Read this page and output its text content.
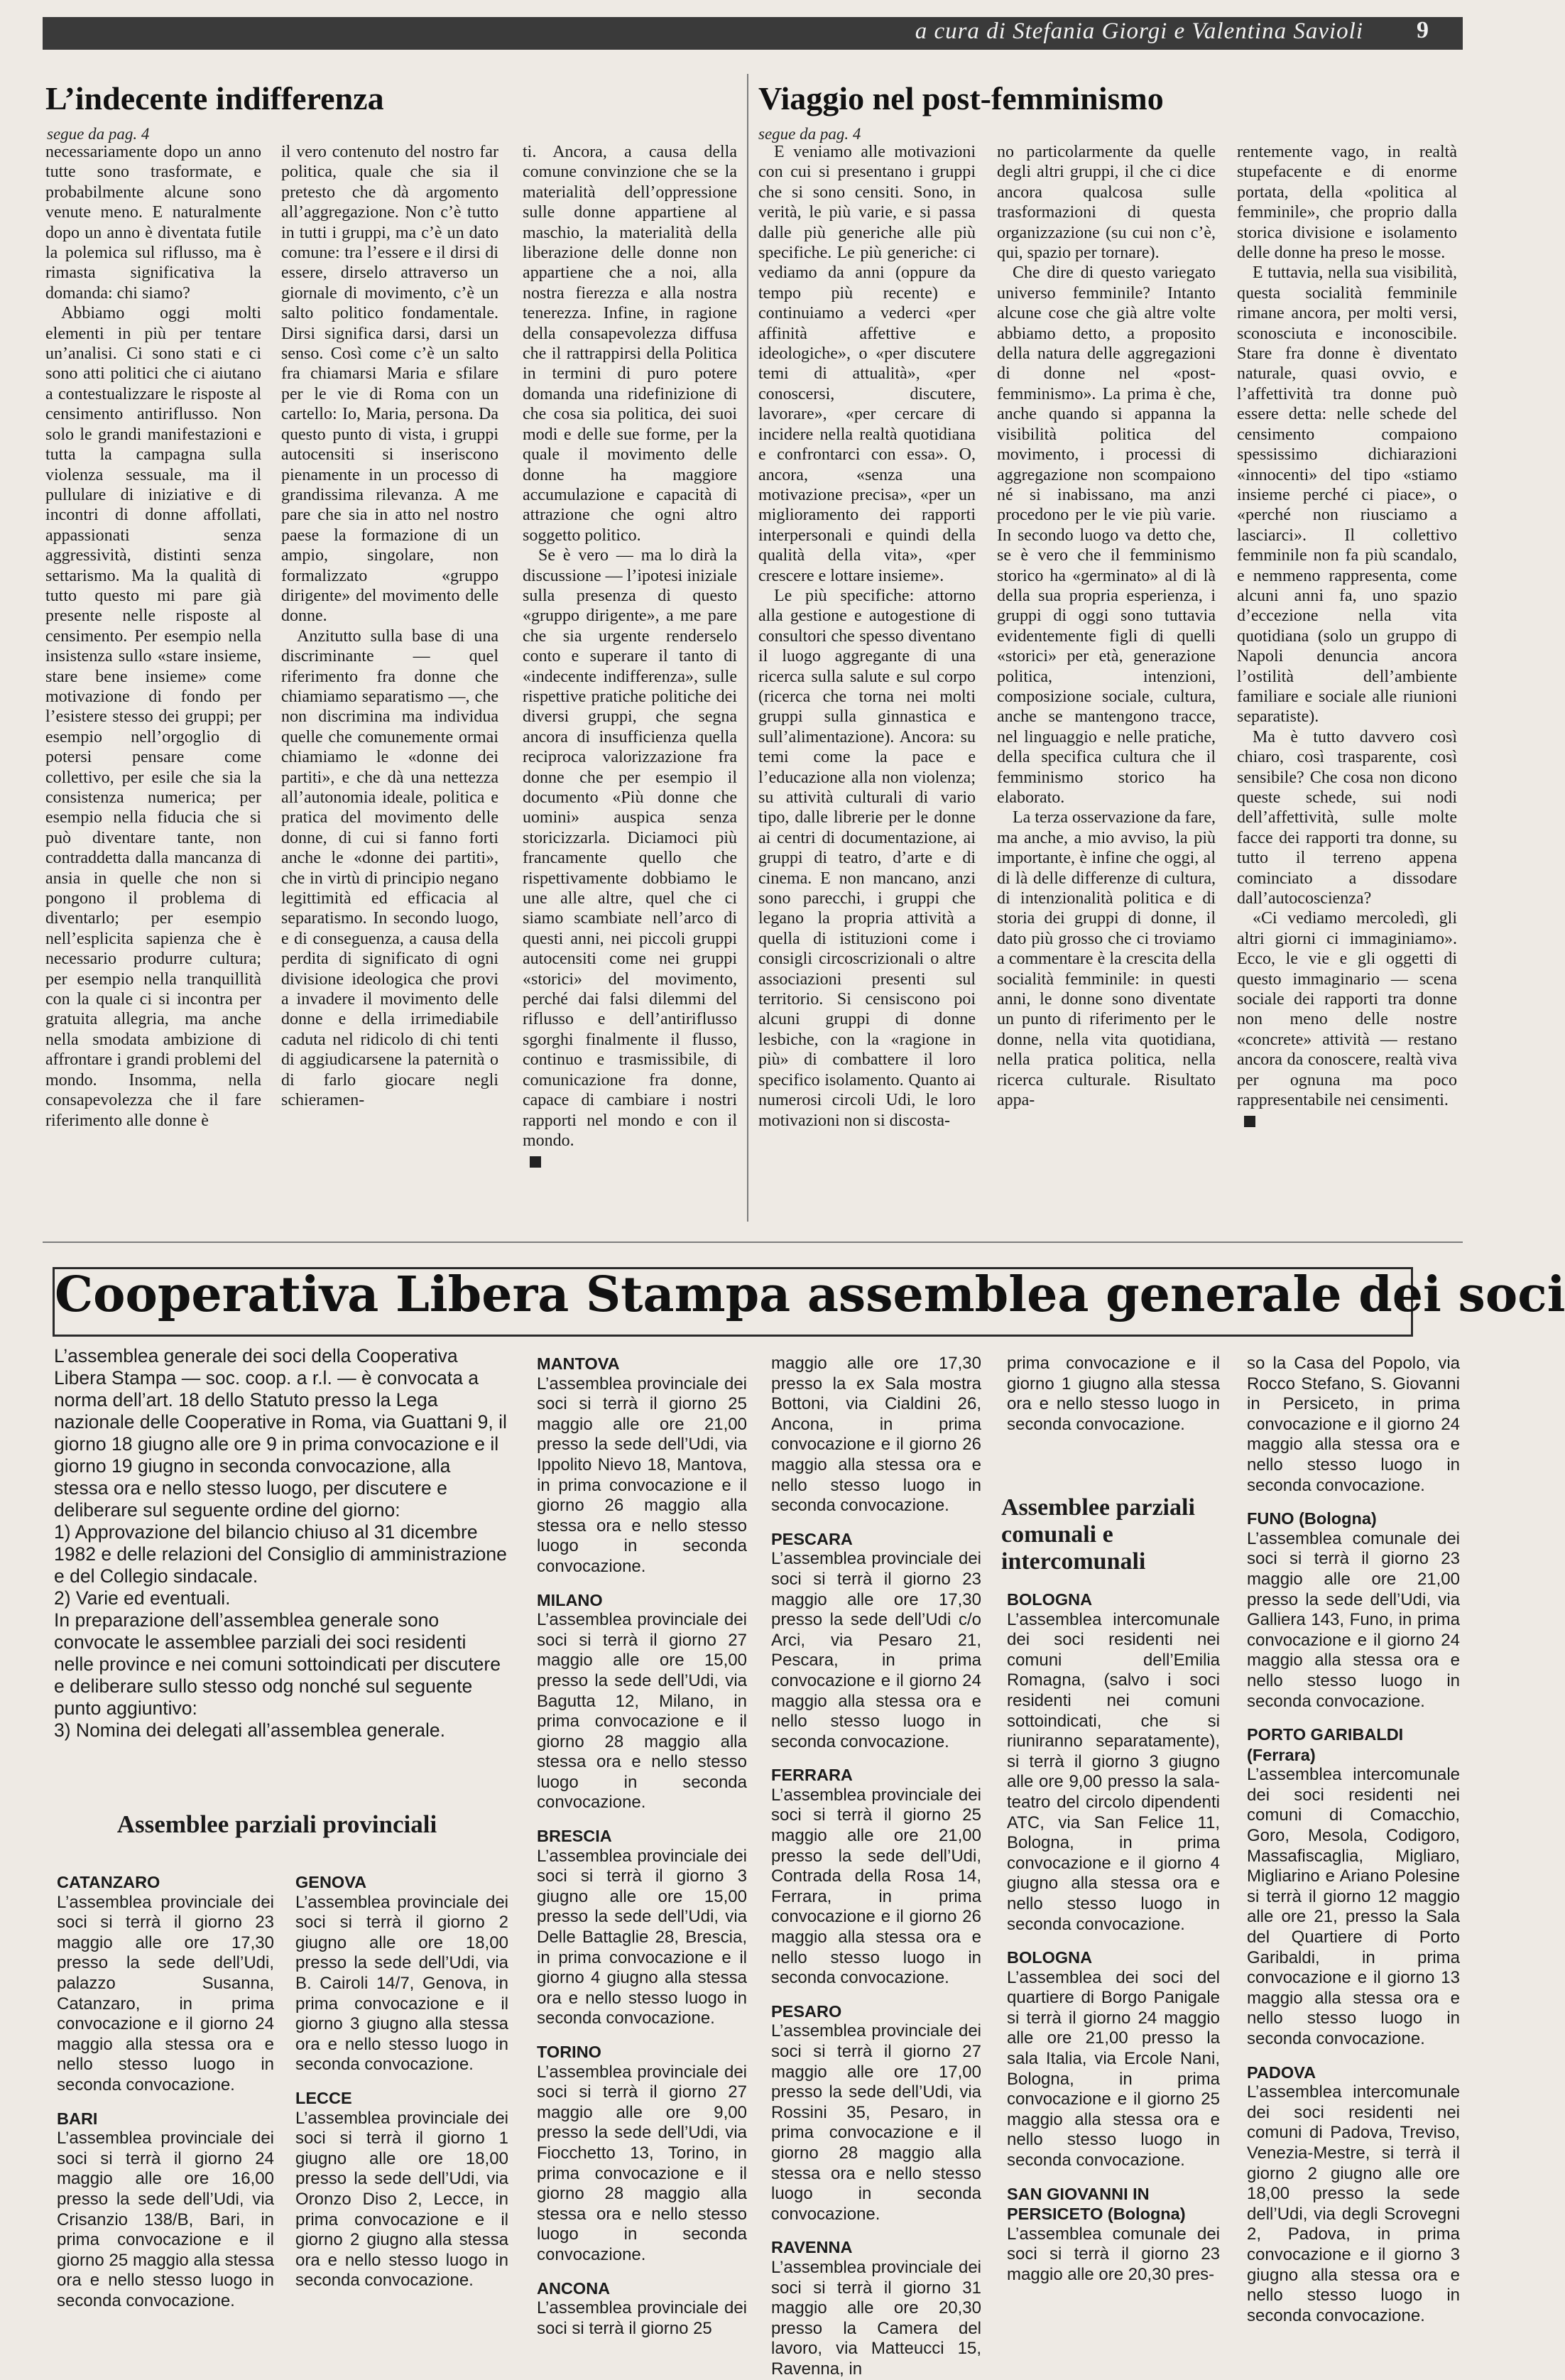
a cura di Stefania Giorgi e Valentina Savioli 9
L’indecente indifferenza
segue da pag. 4

necessariamente dopo un anno tutte sono trasformate, e probabilmente alcune sono venute meno. E naturalmente dopo un anno è diventata futile la polemica sul riflusso, ma è rimasta significativa la domanda: chi siamo?

Abbiamo oggi molti elementi in più per tentare un’analisi. Ci sono stati e ci sono atti politici che ci aiutano a contestualizzare le risposte al censimento antiriflusso. Non solo le grandi manifestazioni e tutta la campagna sulla violenza sessuale, ma il pullulare di iniziative e di incontri di donne affollati, appassionati senza aggressività, distinti senza settarismo. Ma la qualità di tutto questo mi pare già presente nelle risposte al censimento. Per esempio nella insistenza sullo «stare insieme, stare bene insieme» come motivazione di fondo per l’esistere stesso dei gruppi; per esempio nell’orgoglio di potersi pensare come collettivo, per esile che sia la consistenza numerica; per esempio nella fiducia che si può diventare tante, non contraddetta dalla mancanza di ansia in quelle che non si pongono il problema di diventarlo; per esempio nell’esplicita sapienza che è necessario produrre cultura; per esempio nella tranquillità con la quale ci si incontra per gratuita allegria, ma anche nella smodata ambizione di affrontare i grandi problemi del mondo. Insomma, nella consapevolezza che il fare riferimento alle donne è

il vero contenuto del nostro far politica, quale che sia il pretesto che dà argomento all’aggregazione. Non c’è tutto in tutti i gruppi, ma c’è un dato comune: tra l’essere e il dirsi di essere, dirselo attraverso un giornale di movimento, c’è un salto politico fondamentale. Dirsi significa darsi, darsi un senso. Così come c’è un salto fra chiamarsi Maria e sfilare per le vie di Roma con un cartello: Io, Maria, persona. Da questo punto di vista, i gruppi autocensiti si inseriscono pienamente in un processo di grandissima rilevanza. A me pare che sia in atto nel nostro paese la formazione di un ampio, singolare, non formalizzato «gruppo dirigente» del movimento delle donne.

Anzitutto sulla base di una discriminante — quel riferimento fra donne che chiamiamo separatismo —, che non discrimina ma individua quelle che comunemente ormai chiamiamo le «donne dei partiti», e che dà una nettezza all’autonomia ideale, politica e pratica del movimento delle donne, di cui si fanno forti anche le «donne dei partiti», che in virtù di principio negano legittimità ed efficacia al separatismo. In secondo luogo, e di conseguenza, a causa della perdita di significato di ogni divisione ideologica che provi a invadere il movimento delle donne e della irrimediabile caduta nel ridicolo di chi tenti di aggiudicarsene la paternità o di farlo giocare negli schieramen-

ti. Ancora, a causa della comune convinzione che se la materialità dell’oppressione sulle donne appartiene al maschio, la materialità della liberazione delle donne non appartiene che a noi, alla nostra fierezza e alla nostra tenerezza. Infine, in ragione della consapevolezza diffusa che il rattrappirsi della Politica in termini di puro potere domanda una ridefinizione di che cosa sia politica, dei suoi modi e delle sue forme, per la quale il movimento delle donne ha maggiore accumulazione e capacità di attrazione che ogni altro soggetto politico.

Se è vero — ma lo dirà la discussione — l’ipotesi iniziale sulla presenza di questo «gruppo dirigente», a me pare che sia urgente renderselo conto e superare il tanto di «indecente indifferenza», sulle rispettive pratiche politiche dei diversi gruppi, che segna ancora di insufficienza quella reciproca valorizzazione fra donne che per esempio il documento «Più donne che uomini» auspica senza storicizzarla. Diciamoci più francamente quello che rispettivamente dobbiamo le une alle altre, quel che ci siamo scambiate nell’arco di questi anni, nei piccoli gruppi autocensiti come nei gruppi «storici» del movimento, perché dai falsi dilemmi del riflusso e dell’antiriflusso sgorghi finalmente il flusso, continuo e trasmissibile, di comunicazione fra donne, capace di cambiare i nostri rapporti nel mondo e con il mondo.

Viaggio nel post-femminismo
segue da pag. 4

E veniamo alle motivazioni con cui si presentano i gruppi che si sono censiti. Sono, in verità, le più varie, e si passa dalle più generiche alle più specifiche. Le più generiche: ci vediamo da anni (oppure da tempo più recente) e continuiamo a vederci «per affinità affettive e ideologiche», o «per discutere temi di attualità», «per conoscersi, discutere, lavorare», «per cercare di incidere nella realtà quotidiana e confrontarci con essa». O, ancora, «senza una motivazione precisa», «per un miglioramento dei rapporti interpersonali e quindi della qualità della vita», «per crescere e lottare insieme».

Le più specifiche: attorno alla gestione e autogestione di consultori che spesso diventano il luogo aggregante di una ricerca sulla salute e sul corpo (ricerca che torna nei molti gruppi sulla ginnastica e sull’alimentazione). Ancora: su temi come la pace e l’educazione alla non violenza; su attività culturali di vario tipo, dalle librerie per le donne ai centri di documentazione, ai gruppi di teatro, d’arte e di cinema. E non mancano, anzi sono parecchi, i gruppi che legano la propria attività a quella di istituzioni come i consigli circoscrizionali o altre associazioni presenti sul territorio. Si censiscono poi alcuni gruppi di donne lesbiche, con la «ragione in più» di combattere il loro specifico isolamento. Quanto ai numerosi circoli Udi, le loro motivazioni non si discosta-

no particolarmente da quelle degli altri gruppi, il che ci dice ancora qualcosa sulle trasformazioni di questa organizzazione (su cui non c’è, qui, spazio per tornare).

Che dire di questo variegato universo femminile? Intanto alcune cose che già altre volte abbiamo detto, a proposito della natura delle aggregazioni di donne nel «post-femminismo». La prima è che, anche quando si appanna la visibilità politica del movimento, i processi di aggregazione non scompaiono né si inabissano, ma anzi procedono per le vie più varie. In secondo luogo va detto che, se è vero che il femminismo storico ha «germinato» al di là della sua propria esperienza, i gruppi di oggi sono tuttavia evidentemente figli di quelli «storici» per età, generazione politica, intenzioni, composizione sociale, cultura, anche se mantengono tracce, nel linguaggio e nelle pratiche, della specifica cultura che il femminismo storico ha elaborato.

La terza osservazione da fare, ma anche, a mio avviso, la più importante, è infine che oggi, al di là delle differenze di cultura, di intenzionalità politica e di storia dei gruppi di donne, il dato più grosso che ci troviamo a commentare è la crescita della socialità femminile: in questi anni, le donne sono diventate un punto di riferimento per le donne, nella vita quotidiana, nella pratica politica, nella ricerca culturale. Risultato appa-

rentemente vago, in realtà stupefacente e di enorme portata, della «politica al femminile», che proprio dalla storica divisione e isolamento delle donne ha preso le mosse.

E tuttavia, nella sua visibilità, questa socialità femminile rimane ancora, per molti versi, sconosciuta e inconoscibile. Stare fra donne è diventato naturale, quasi ovvio, e l’affettività tra donne può essere detta: nelle schede del censimento compaiono spessissimo dichiarazioni «innocenti» del tipo «stiamo insieme perché ci piace», o «perché non riusciamo a lasciarci». Il collettivo femminile non fa più scandalo, e nemmeno rappresenta, come alcuni anni fa, uno spazio d’eccezione nella vita quotidiana (solo un gruppo di Napoli denuncia ancora l’ostilità dell’ambiente familiare e sociale alle riunioni separatiste).

Ma è tutto davvero così chiaro, così trasparente, così sensibile? Che cosa non dicono queste schede, sui nodi dell’affettività, sulle molte facce dei rapporti tra donne, su tutto il terreno appena cominciato a dissodare dall’autocoscienza?

«Ci vediamo mercoledì, gli altri giorni ci immaginiamo». Ecco, le vie e gli oggetti di questo immaginario — scena sociale dei rapporti tra donne non meno delle nostre «concrete» attività — restano ancora da conoscere, realtà viva per ognuna ma poco rappresentabile nei censimenti.

Cooperativa Libera Stampa assemblea generale dei soci

L’assemblea generale dei soci della Cooperativa Libera Stampa — soc. coop. a r.l. — è convocata a norma dell’art. 18 dello Statuto presso la Lega nazionale delle Cooperative in Roma, via Guattani 9, il giorno 18 giugno alle ore 9 in prima convocazione e il giorno 19 giugno in seconda convocazione, alla stessa ora e nello stesso luogo, per discutere e deliberare sul seguente ordine del giorno:

1) Approvazione del bilancio chiuso al 31 dicembre 1982 e delle relazioni del Consiglio di amministrazione e del Collegio sindacale.

2) Varie ed eventuali.

In preparazione dell’assemblea generale sono convocate le assemblee parziali dei soci residenti nelle province e nei comuni sottoindicati per discutere e deliberare sullo stesso odg nonché sul seguente punto aggiuntivo:

3) Nomina dei delegati all’assemblea generale.

Assemblee parziali provinciali

CATANZARO

L’assemblea provinciale dei soci si terrà il giorno 23 maggio alle ore 17,30 presso la sede dell’Udi, palazzo Susanna, Catanzaro, in prima convocazione e il giorno 24 maggio alla stessa ora e nello stesso luogo in seconda convocazione.

BARI

L’assemblea provinciale dei soci si terrà il giorno 24 maggio alle ore 16,00 presso la sede dell’Udi, via Crisanzio 138/B, Bari, in prima convocazione e il giorno 25 maggio alla stessa ora e nello stesso luogo in seconda convocazione.

GENOVA

L’assemblea provinciale dei soci si terrà il giorno 2 giugno alle ore 18,00 presso la sede dell’Udi, via B. Cairoli 14/7, Genova, in prima convocazione e il giorno 3 giugno alla stessa ora e nello stesso luogo in seconda convocazione.

LECCE

L’assemblea provinciale dei soci si terrà il giorno 1 giugno alle ore 18,00 presso la sede dell’Udi, via Oronzo Diso 2, Lecce, in prima convocazione e il giorno 2 giugno alla stessa ora e nello stesso luogo in seconda convocazione.

MANTOVA

L’assemblea provinciale dei soci si terrà il giorno 25 maggio alle ore 21,00 presso la sede dell’Udi, via Ippolito Nievo 18, Mantova, in prima convocazione e il giorno 26 maggio alla stessa ora e nello stesso luogo in seconda convocazione.

MILANO

L’assemblea provinciale dei soci si terrà il giorno 27 maggio alle ore 15,00 presso la sede dell’Udi, via Bagutta 12, Milano, in prima convocazione e il giorno 28 maggio alla stessa ora e nello stesso luogo in seconda convocazione.

BRESCIA

L’assemblea provinciale dei soci si terrà il giorno 3 giugno alle ore 15,00 presso la sede dell’Udi, via Delle Battaglie 28, Brescia, in prima convocazione e il giorno 4 giugno alla stessa ora e nello stesso luogo in seconda convocazione.

TORINO

L’assemblea provinciale dei soci si terrà il giorno 27 maggio alle ore 9,00 presso la sede dell’Udi, via Fiocchetto 13, Torino, in prima convocazione e il giorno 28 maggio alla stessa ora e nello stesso luogo in seconda convocazione.

ANCONA

L’assemblea provinciale dei soci si terrà il giorno 25

maggio alle ore 17,30 presso la ex Sala mostra Bottoni, via Cialdini 26, Ancona, in prima convocazione e il giorno 26 maggio alla stessa ora e nello stesso luogo in seconda convocazione.

PESCARA

L’assemblea provinciale dei soci si terrà il giorno 23 maggio alle ore 17,30 presso la sede dell’Udi c/o Arci, via Pesaro 21, Pescara, in prima convocazione e il giorno 24 maggio alla stessa ora e nello stesso luogo in seconda convocazione.

FERRARA

L’assemblea provinciale dei soci si terrà il giorno 25 maggio alle ore 21,00 presso la sede dell’Udi, Contrada della Rosa 14, Ferrara, in prima convocazione e il giorno 26 maggio alla stessa ora e nello stesso luogo in seconda convocazione.

PESARO

L’assemblea provinciale dei soci si terrà il giorno 27 maggio alle ore 17,00 presso la sede dell’Udi, via Rossini 35, Pesaro, in prima convocazione e il giorno 28 maggio alla stessa ora e nello stesso luogo in seconda convocazione.

RAVENNA

L’assemblea provinciale dei soci si terrà il giorno 31 maggio alle ore 20,30 presso la Camera del lavoro, via Matteucci 15, Ravenna, in

prima convocazione e il giorno 1 giugno alla stessa ora e nello stesso luogo in seconda convocazione.

Assemblee parziali comunali e intercomunali

BOLOGNA

L’assemblea intercomunale dei soci residenti nei comuni dell’Emilia Romagna, (salvo i soci residenti nei comuni sottoindicati, che si riuniranno separatamente), si terrà il giorno 3 giugno alle ore 9,00 presso la sala-teatro del circolo dipendenti ATC, via San Felice 11, Bologna, in prima convocazione e il giorno 4 giugno alla stessa ora e nello stesso luogo in seconda convocazione.

BOLOGNA

L’assemblea dei soci del quartiere di Borgo Panigale si terrà il giorno 24 maggio alle ore 21,00 presso la sala Italia, via Ercole Nani, Bologna, in prima convocazione e il giorno 25 maggio alla stessa ora e nello stesso luogo in seconda convocazione.

SAN GIOVANNI IN PERSICETO (Bologna)

L’assemblea comunale dei soci si terrà il giorno 23 maggio alle ore 20,30 pres-

so la Casa del Popolo, via Rocco Stefano, S. Giovanni in Persiceto, in prima convocazione e il giorno 24 maggio alla stessa ora e nello stesso luogo in seconda convocazione.

FUNO (Bologna)

L’assemblea comunale dei soci si terrà il giorno 23 maggio alle ore 21,00 presso la sede dell’Udi, via Galliera 143, Funo, in prima convocazione e il giorno 24 maggio alla stessa ora e nello stesso luogo in seconda convocazione.

PORTO GARIBALDI (Ferrara)

L’assemblea intercomunale dei soci residenti nei comuni di Comacchio, Goro, Mesola, Codigoro, Massafiscaglia, Migliaro, Migliarino e Ariano Polesine si terrà il giorno 12 maggio alle ore 21, presso la Sala del Quartiere di Porto Garibaldi, in prima convocazione e il giorno 13 maggio alla stessa ora e nello stesso luogo in seconda convocazione.

PADOVA

L’assemblea intercomunale dei soci residenti nei comuni di Padova, Treviso, Venezia-Mestre, si terrà il giorno 2 giugno alle ore 18,00 presso la sede dell’Udi, via degli Scrovegni 2, Padova, in prima convocazione e il giorno 3 giugno alla stessa ora e nello stesso luogo in seconda convocazione.
